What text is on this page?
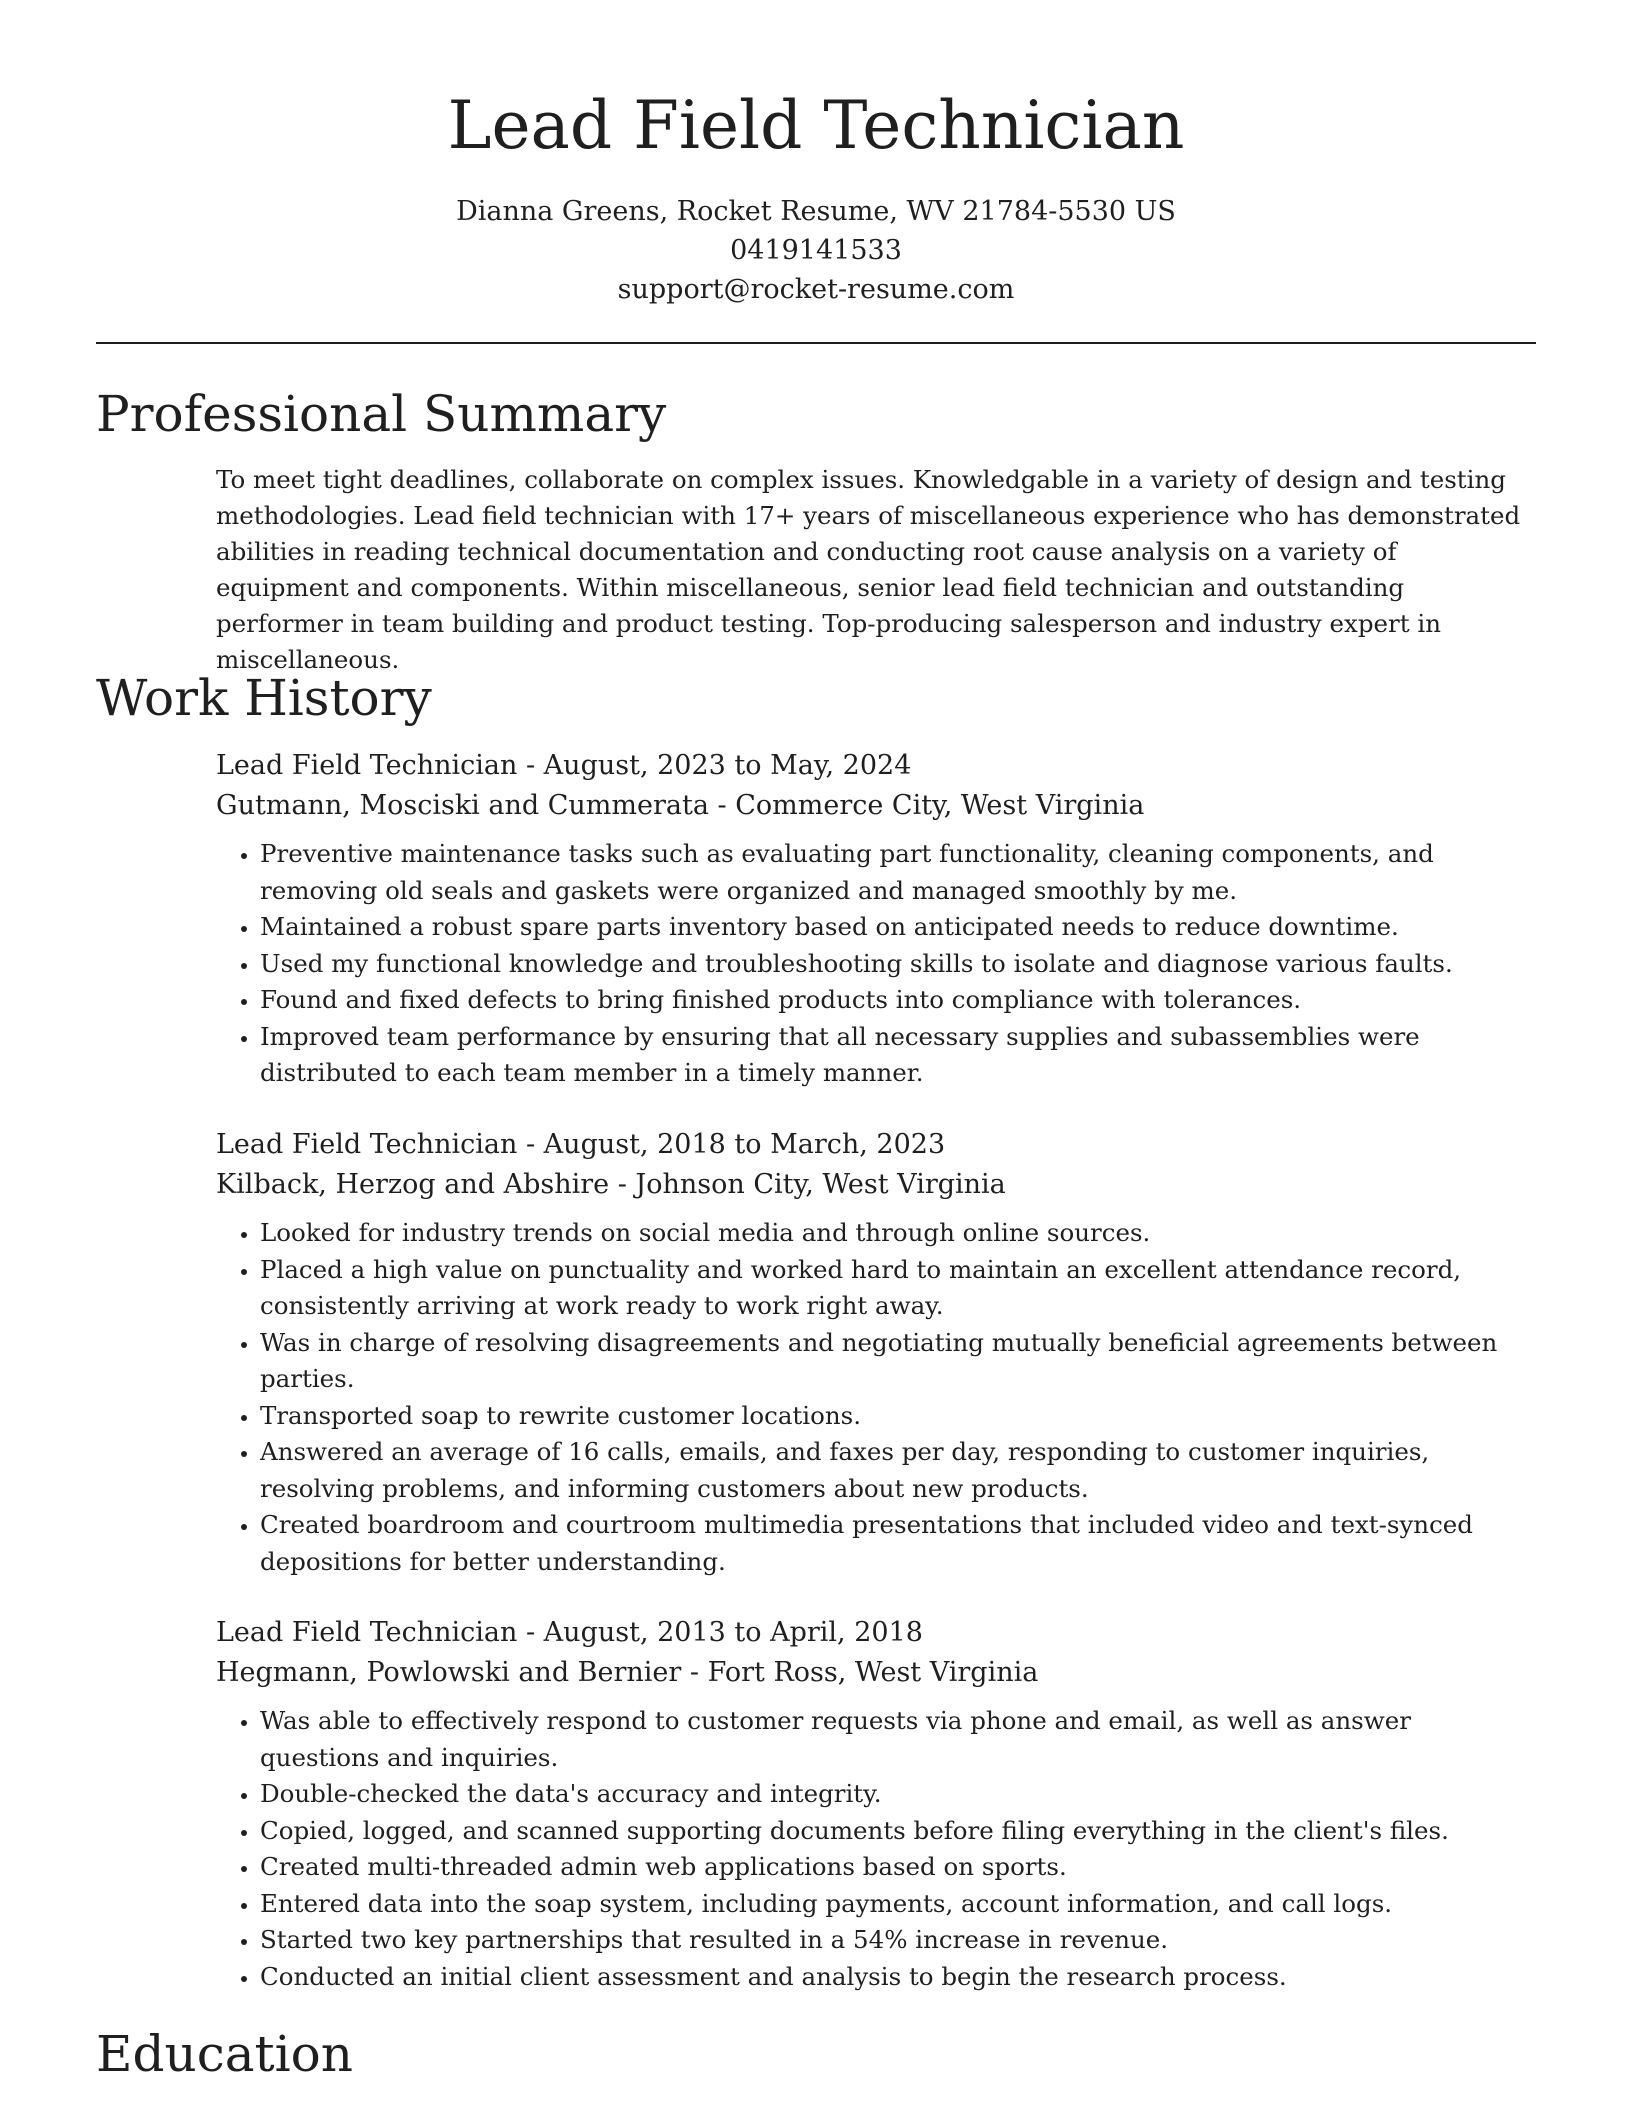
Lead Field Technician
Dianna Greens, Rocket Resume, WV 21784-5530 US
0419141533
support@rocket-resume.com
Professional Summary

To meet tight deadlines, collaborate on complex issues. Knowledgable in a variety of design and testing methodologies. Lead field technician with 17+ years of miscellaneous experience who has demonstrated abilities in reading technical documentation and conducting root cause analysis on a variety of equipment and components. Within miscellaneous, senior lead field technician and outstanding performer in team building and product testing. Top-producing salesperson and industry expert in miscellaneous.

Work History
Lead Field Technician - August, 2023 to May, 2024
Gutmann, Mosciski and Cummerata - Commerce City, West Virginia
• Preventive maintenance tasks such as evaluating part functionality, cleaning components, and removing old seals and gaskets were organized and managed smoothly by me.
• Maintained a robust spare parts inventory based on anticipated needs to reduce downtime.
• Used my functional knowledge and troubleshooting skills to isolate and diagnose various faults.
• Found and fixed defects to bring finished products into compliance with tolerances.
• Improved team performance by ensuring that all necessary supplies and subassemblies were distributed to each team member in a timely manner.
Lead Field Technician - August, 2018 to March, 2023
Kilback, Herzog and Abshire - Johnson City, West Virginia
• Looked for industry trends on social media and through online sources.
• Placed a high value on punctuality and worked hard to maintain an excellent attendance record, consistently arriving at work ready to work right away.
• Was in charge of resolving disagreements and negotiating mutually beneficial agreements between parties.
• Transported soap to rewrite customer locations.
• Answered an average of 16 calls, emails, and faxes per day, responding to customer inquiries, resolving problems, and informing customers about new products.
• Created boardroom and courtroom multimedia presentations that included video and text-synced depositions for better understanding.
Lead Field Technician - August, 2013 to April, 2018
Hegmann, Powlowski and Bernier - Fort Ross, West Virginia
• Was able to effectively respond to customer requests via phone and email, as well as answer questions and inquiries.
• Double-checked the data's accuracy and integrity.
• Copied, logged, and scanned supporting documents before filing everything in the client's files.
• Created multi-threaded admin web applications based on sports.
• Entered data into the soap system, including payments, account information, and call logs.
• Started two key partnerships that resulted in a 54% increase in revenue.
• Conducted an initial client assessment and analysis to begin the research process.
Education
